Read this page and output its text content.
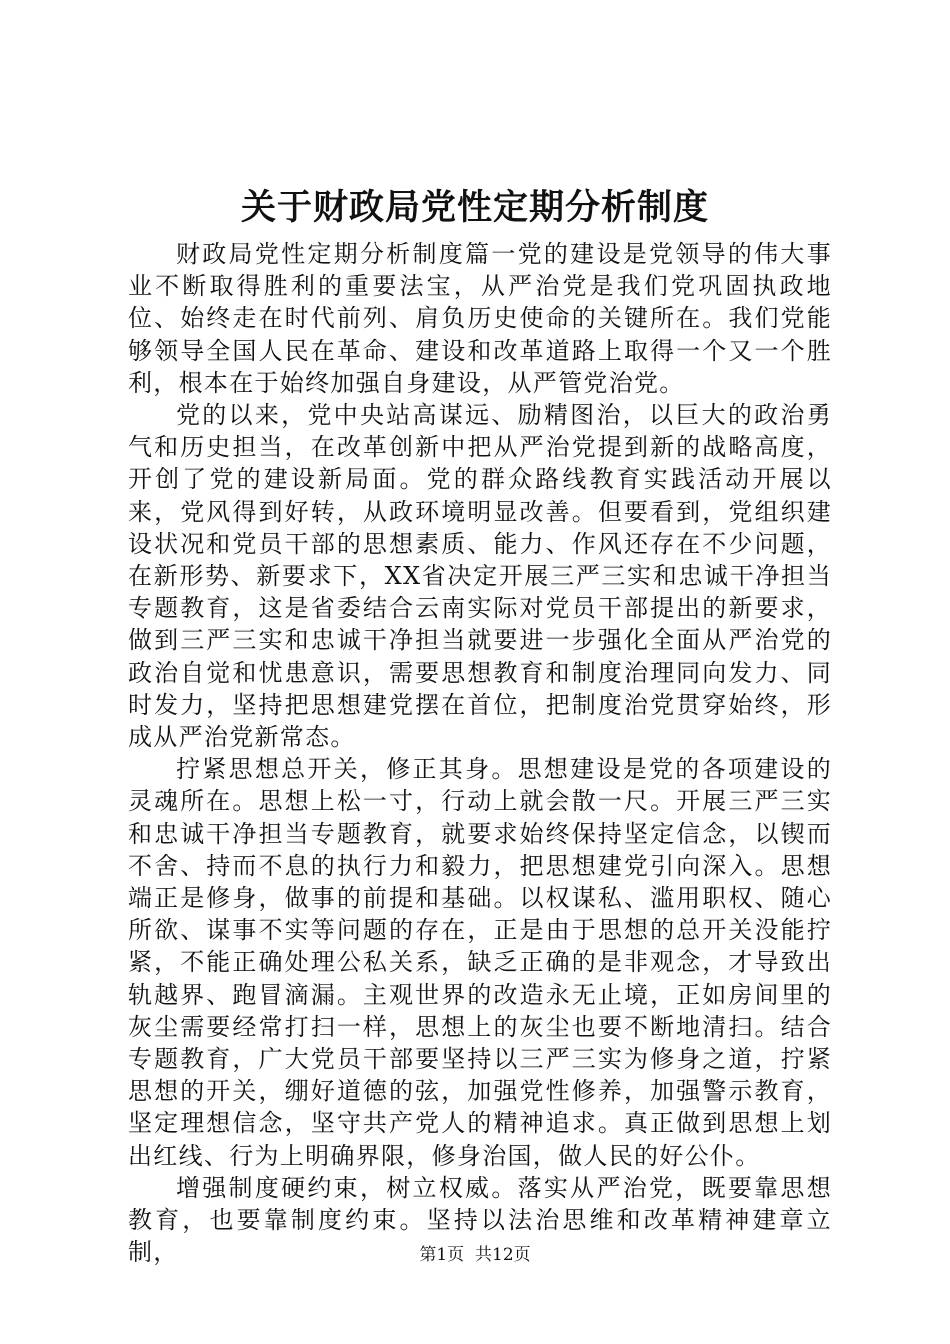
关于财政局党性定期分析制度

财政局党性定期分析制度篇一党的建设是党领导的伟大事业不断取得胜利的重要法宝，从严治党是我们党巩固执政地位、始终走在时代前列、肩负历史使命的关键所在。我们党能够领导全国人民在革命、建设和改革道路上取得一个又一个胜利，根本在于始终加强自身建设，从严管党治党。

党的以来，党中央站高谋远、励精图治，以巨大的政治勇气和历史担当，在改革创新中把从严治党提到新的战略高度，开创了党的建设新局面。党的群众路线教育实践活动开展以来，党风得到好转，从政环境明显改善。但要看到，党组织建设状况和党员干部的思想素质、能力、作风还存在不少问题，在新形势、新要求下，XX省决定开展三严三实和忠诚干净担当专题教育，这是省委结合云南实际对党员干部提出的新要求，做到三严三实和忠诚干净担当就要进一步强化全面从严治党的政治自觉和忧患意识，需要思想教育和制度治理同向发力、同时发力，坚持把思想建党摆在首位，把制度治党贯穿始终，形成从严治党新常态。

拧紧思想总开关，修正其身。思想建设是党的各项建设的灵魂所在。思想上松一寸，行动上就会散一尺。开展三严三实和忠诚干净担当专题教育，就要求始终保持坚定信念，以锲而不舍、持而不息的执行力和毅力，把思想建党引向深入。思想端正是修身，做事的前提和基础。以权谋私、滥用职权、随心所欲、谋事不实等问题的存在，正是由于思想的总开关没能拧紧，不能正确处理公私关系，缺乏正确的是非观念，才导致出轨越界、跑冒滴漏。主观世界的改造永无止境，正如房间里的灰尘需要经常打扫一样，思想上的灰尘也要不断地清扫。结合专题教育，广大党员干部要坚持以三严三实为修身之道，拧紧思想的开关，绷好道德的弦，加强党性修养，加强警示教育，坚定理想信念，坚守共产党人的精神追求。真正做到思想上划出红线、行为上明确界限，修身治国，做人民的好公仆。

增强制度硬约束，树立权威。落实从严治党，既要靠思想教育，也要靠制度约束。坚持以法治思维和改革精神建章立制，	第1页 共12页
